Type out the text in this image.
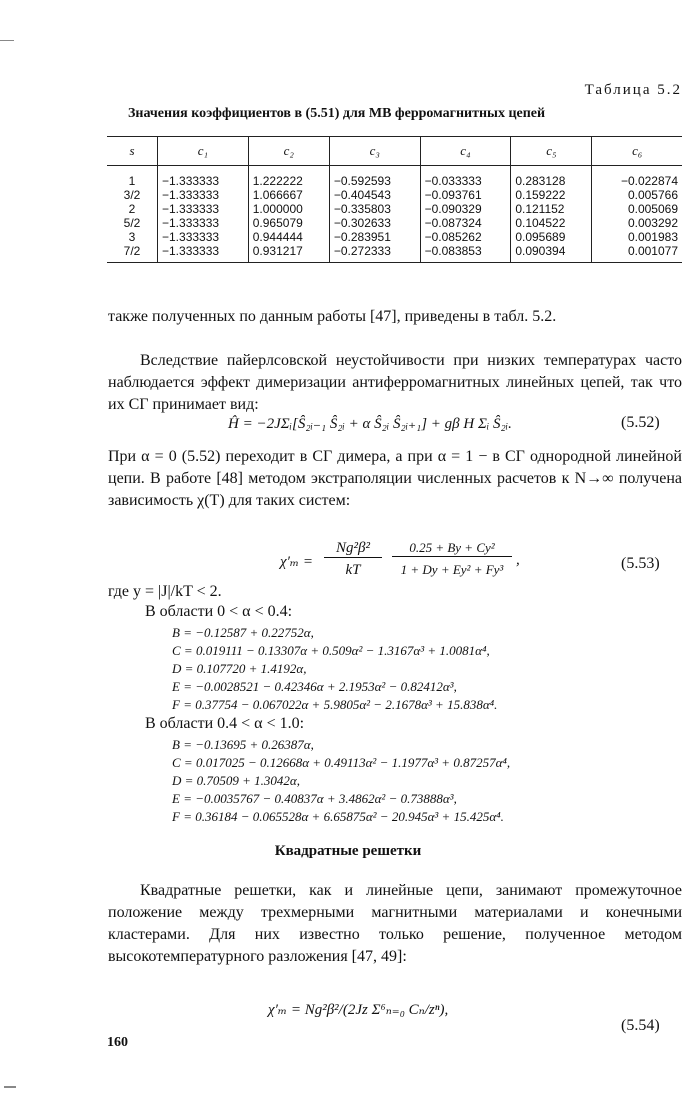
Таблица 5.2
Значения коэффициентов в (5.51) для МВ ферромагнитных цепей
s	c₁	c₂	c₃	c₄	c₅	c₆
1	−1.333333	1.222222	−0.592593	−0.033333	0.283128	−0.022874
3/2	−1.333333	1.066667	−0.404543	−0.093761	0.159222	0.005766
2	−1.333333	1.000000	−0.335803	−0.090329	0.121152	0.005069
5/2	−1.333333	0.965079	−0.302633	−0.087324	0.104522	0.003292
3	−1.333333	0.944444	−0.283951	−0.085262	0.095689	0.001983
7/2	−1.333333	0.931217	−0.272333	−0.083853	0.090394	0.001077
также полученных по данным работы [47], приведены в табл. 5.2.
Вследствие пайерлсовской неустойчивости при низких температурах часто наблюдается эффект димеризации антиферромагнитных линейных цепей, так что их СГ принимает вид:
Ĥ = −2JΣᵢ[Ŝ₂ᵢ₋₁ Ŝ₂ᵢ + α Ŝ₂ᵢ Ŝ₂ᵢ₊₁] + gβ H Σᵢ Ŝ₂ᵢ.	(5.52)
При α = 0 (5.52) переходит в СГ димера, а при α = 1 − в СГ однородной линейной цепи. В работе [48] методом экстраполяции численных расчетов к N→∞ получена зависимость χ(T) для таких систем:
χ′ₘ =
Ng²β²
kT
0.25 + By + Cy²
1 + Dy + Ey² + Fy³
,	(5.53)
где y = |J|/kT < 2.
В области 0 < α < 0.4:
B = −0.12587 + 0.22752α,
C = 0.019111 − 0.13307α + 0.509α² − 1.3167α³ + 1.0081α⁴,
D = 0.107720 + 1.4192α,
E = −0.0028521 − 0.42346α + 2.1953α² − 0.82412α³,
F = 0.37754 − 0.067022α + 5.9805α² − 2.1678α³ + 15.838α⁴.
В области 0.4 < α < 1.0:
B = −0.13695 + 0.26387α,
C = 0.017025 − 0.12668α + 0.49113α² − 1.1977α³ + 0.87257α⁴,
D = 0.70509 + 1.3042α,
E = −0.0035767 − 0.40837α + 3.4862α² − 0.73888α³,
F = 0.36184 − 0.065528α + 6.65875α² − 20.945α³ + 15.425α⁴.
Квадратные решетки
Квадратные решетки, как и линейные цепи, занимают промежуточное положение между трехмерными магнитными материалами и конечными кластерами. Для них известно только решение, полученное методом высокотемпературного разложения [47, 49]:
χ′ₘ = Ng²β²/(2Jz Σ⁶ₙ₌₀ Cₙ/zⁿ),
(5.54)
160
